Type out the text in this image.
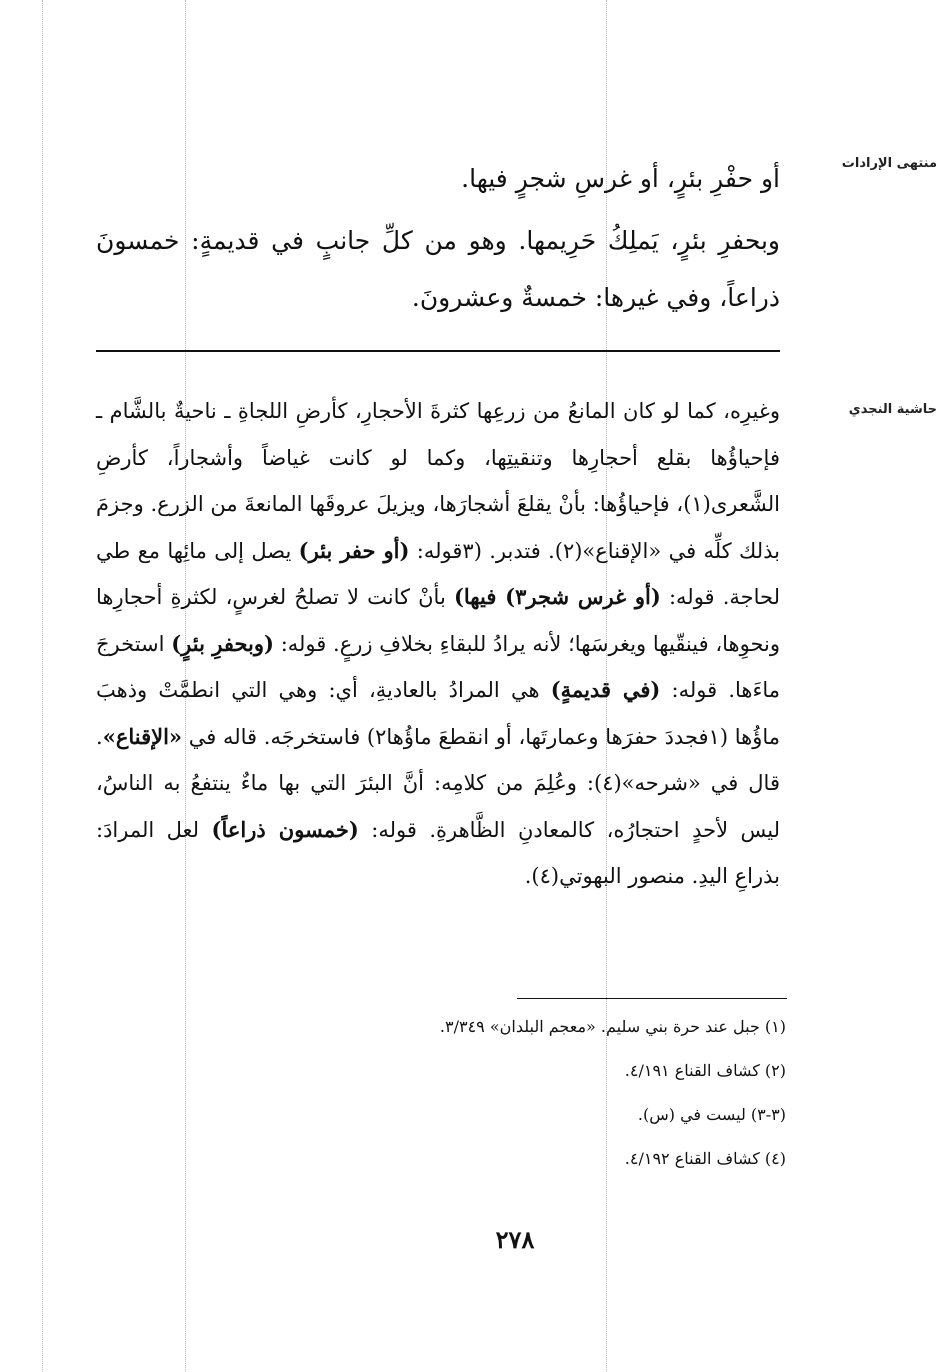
منتهى الإرادات
حاشية النجدي

أو حفْرِ بئرٍ، أو غرسِ شجرٍ فيها.

وبحفرِ بئرٍ، يَملِكُ حَرِيمها. وهو من كلِّ جانبٍ في قديمةٍ: خمسونَ ذراعاً، وفي غيرها: خمسةٌ وعشرونَ.

وغيرِه، كما لو كان المانعُ من زرعِها كثرةَ الأحجارِ، كأرضِ اللجاةِ ـ ناحيةٌ بالشَّام ـ فإحياؤُها بقلع أحجارِها وتنقيتِها، وكما لو كانت غياضاً وأشجاراً، كأرضِ الشَّعرى(١)، فإحياؤُها: بأنْ يقلعَ أشجارَها، ويزيلَ عروقَها المانعةَ من الزرع. وجزمَ بذلك كلِّه في «الإقناع»(٢). فتدبر. (٣قوله: (أو حفر بئر) يصل إلى مائِها مع طي لحاجة. قوله: (أو غرس شجر٣) فيها) بأنْ كانت لا تصلحُ لغرسٍ، لكثرةِ أحجارِها ونحوِها، فينقّيها ويغرسَها؛ لأنه يرادُ للبقاءِ بخلافِ زرعٍ. قوله: (وبحفرِ بئرٍ) استخرجَ ماءَها. قوله: (في قديمةٍ) هي المرادُ بالعاديةِ، أي: وهي التي انطمَّتْ وذهبَ ماؤُها (١فجددَ حفرَها وعمارتَها، أو انقطعَ ماؤُها٢) فاستخرجَه. قاله في «الإقناع». قال في «شرحه»(٤): وعُلِمَ من كلامِه: أنَّ البئرَ التي بها ماءٌ ينتفعُ به الناسُ، ليس لأحدٍ احتجارُه، كالمعادنِ الظَّاهرةِ. قوله: (خمسون ذراعاً) لعل المرادَ: بذراعِ اليدِ. منصور البهوتي(٤).

(١) جبل عند حرة بني سليم. «معجم البلدان» ٣/٣٤٩.

(٢) كشاف القناع ٤/١٩١.

(٣-٣) ليست في (س).

(٤) كشاف القناع ٤/١٩٢.

٢٧٨
